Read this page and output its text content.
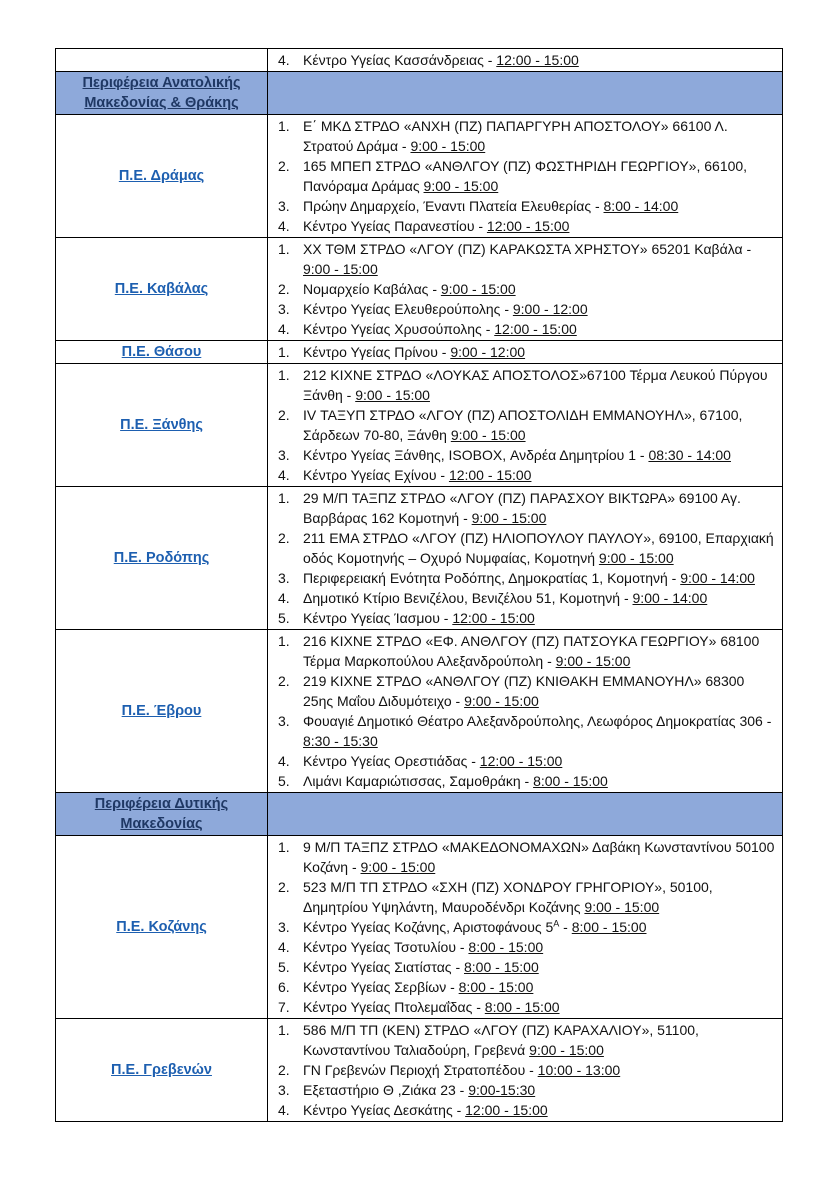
4. Κέντρο Υγείας Κασσάνδρειας - 12:00 - 15:00
Περιφέρεια Ανατολικής Μακεδονίας & Θράκης
Π.Ε. Δράμας
1. Ε΄ ΜΚΔ ΣΤΡΔΟ «ΑΝΧΗ (ΠΖ) ΠΑΠΑΡΓΥΡΗ ΑΠΟΣΤΟΛΟΥ» 66100 Λ. Στρατού Δράμα - 9:00 - 15:00
2. 165 ΜΠΕΠ ΣΤΡΔΟ «ΑΝΘΛΓΟΥ (ΠΖ) ΦΩΣΤΗΡΙΔΗ ΓΕΩΡΓΙΟΥ», 66100, Πανόραμα Δράμας 9:00 - 15:00
3. Πρώην Δημαρχείο, Έναντι Πλατεία Ελευθερίας - 8:00 - 14:00
4. Κέντρο Υγείας Παρανεστίου - 12:00 - 15:00
Π.Ε. Καβάλας
1. ΧΧ ΤΘΜ ΣΤΡΔΟ «ΛΓΟΥ (ΠΖ) ΚΑΡΑΚΩΣΤΑ ΧΡΗΣΤΟΥ» 65201 Καβάλα - 9:00 - 15:00
2. Νομαρχείο Καβάλας - 9:00 - 15:00
3. Κέντρο Υγείας Ελευθερούπολης - 9:00 - 12:00
4. Κέντρο Υγείας Χρυσούπολης - 12:00 - 15:00
Π.Ε. Θάσου	1. Κέντρο Υγείας Πρίνου - 9:00 - 12:00
Π.Ε. Ξάνθης
1. 212 ΚΙΧΝΕ ΣΤΡΔΟ «ΛΟΥΚΑΣ ΑΠΟΣΤΟΛΟΣ»67100 Τέρμα Λευκού Πύργου Ξάνθη - 9:00 - 15:00
2. IV ΤΑΞΥΠ ΣΤΡΔΟ «ΛΓΟΥ (ΠΖ) ΑΠΟΣΤΟΛΙΔΗ ΕΜΜΑΝΟΥΗΛ», 67100, Σάρδεων 70-80, Ξάνθη 9:00 - 15:00
3. Κέντρο Υγείας Ξάνθης, ISOBOX, Ανδρέα Δημητρίου 1 - 08:30 - 14:00
4. Κέντρο Υγείας Εχίνου - 12:00 - 15:00
Π.Ε. Ροδόπης
1. 29 Μ/Π ΤΑΞΠΖ ΣΤΡΔΟ «ΛΓΟΥ (ΠΖ) ΠΑΡΑΣΧΟΥ ΒΙΚΤΩΡΑ» 69100 Αγ. Βαρβάρας 162 Κομοτηνή - 9:00 - 15:00
2. 211 ΕΜΑ ΣΤΡΔΟ «ΛΓΟΥ (ΠΖ) ΗΛΙΟΠΟΥΛΟΥ ΠΑΥΛΟΥ», 69100, Επαρχιακή οδός Κομοτηνής – Οχυρό Νυμφαίας, Κομοτηνή 9:00 - 15:00
3. Περιφερειακή Ενότητα Ροδόπης, Δημοκρατίας 1, Κομοτηνή - 9:00 - 14:00
4. Δημοτικό Κτίριο Βενιζέλου, Βενιζέλου 51, Κομοτηνή - 9:00 - 14:00
5. Κέντρο Υγείας Ίασμου - 12:00 - 15:00
Π.Ε. Έβρου
1. 216 ΚΙΧΝΕ ΣΤΡΔΟ «ΕΦ. ΑΝΘΛΓΟΥ (ΠΖ) ΠΑΤΣΟΥΚΑ ΓΕΩΡΓΙΟΥ» 68100 Τέρμα Μαρκοπούλου Αλεξανδρούπολη - 9:00 - 15:00
2. 219 ΚΙΧΝΕ ΣΤΡΔΟ «ΑΝΘΛΓΟΥ (ΠΖ) ΚΝΙΘΑΚΗ ΕΜΜΑΝΟΥΗΛ» 68300 25ης Μαΐου Διδυμότειχο - 9:00 - 15:00
3. Φουαγιέ Δημοτικό Θέατρο Αλεξανδρούπολης, Λεωφόρος Δημοκρατίας 306 - 8:30 - 15:30
4. Κέντρο Υγείας Ορεστιάδας - 12:00 - 15:00
5. Λιμάνι Καμαριώτισσας, Σαμοθράκη - 8:00 - 15:00
Περιφέρεια Δυτικής Μακεδονίας
Π.Ε. Κοζάνης
1. 9 Μ/Π ΤΑΞΠΖ ΣΤΡΔΟ «ΜΑΚΕΔΟΝΟΜΑΧΩΝ» Δαβάκη Κωνσταντίνου 50100 Κοζάνη - 9:00 - 15:00
2. 523 Μ/Π ΤΠ ΣΤΡΔΟ «ΣΧΗ (ΠΖ) ΧΟΝΔΡΟΥ ΓΡΗΓΟΡΙΟΥ», 50100, Δημητρίου Υψηλάντη, Μαυροδένδρι Κοζάνης 9:00 - 15:00
3. Κέντρο Υγείας Κοζάνης, Αριστοφάνους $5^A$ - 8:00 - 15:00
4. Κέντρο Υγείας Τσοτυλίου - 8:00 - 15:00
5. Κέντρο Υγείας Σιατίστας - 8:00 - 15:00
6. Κέντρο Υγείας Σερβίων - 8:00 - 15:00
7. Κέντρο Υγείας Πτολεμαΐδας - 8:00 - 15:00
Π.Ε. Γρεβενών
1. 586 Μ/Π ΤΠ (ΚΕΝ) ΣΤΡΔΟ «ΛΓΟΥ (ΠΖ) ΚΑΡΑΧΑΛΙΟΥ», 51100, Κωνσταντίνου Ταλιαδούρη, Γρεβενά 9:00 - 15:00
2. ΓΝ Γρεβενών Περιοχή Στρατοπέδου - 10:00 - 13:00
3. Εξεταστήριο Θ ,Ζιάκα 23 - 9:00-15:30
4. Κέντρο Υγείας Δεσκάτης - 12:00 - 15:00
